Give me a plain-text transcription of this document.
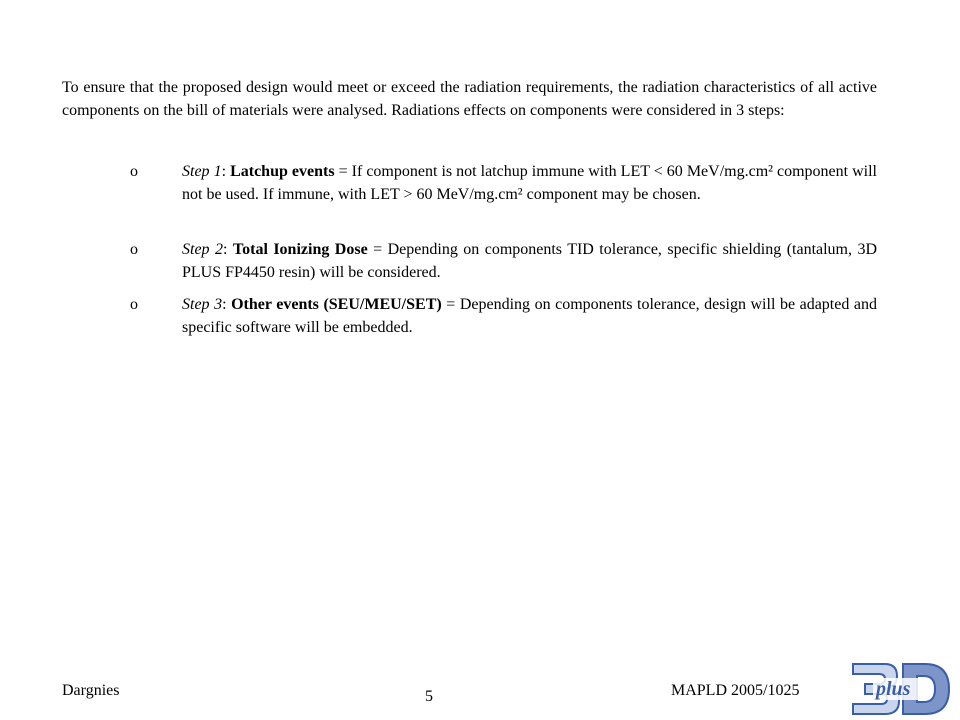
To ensure that the proposed design would meet or exceed the radiation requirements, the radiation characteristics of all active components on the bill of materials were analysed. Radiations effects on components were considered in 3 steps:
o	Step 1: Latchup events = If component is not latchup immune with LET < 60 MeV/mg.cm² component will not be used. If immune, with LET > 60 MeV/mg.cm² component may be chosen.
o	Step 2: Total Ionizing Dose = Depending on components TID tolerance, specific shielding (tantalum, 3D PLUS FP4450 resin) will be considered.
o	Step 3: Other events (SEU/MEU/SET) = Depending on components tolerance, design will be adapted and specific software will be embedded.
Dargnies	5	MAPLD 2005/1025	plus
